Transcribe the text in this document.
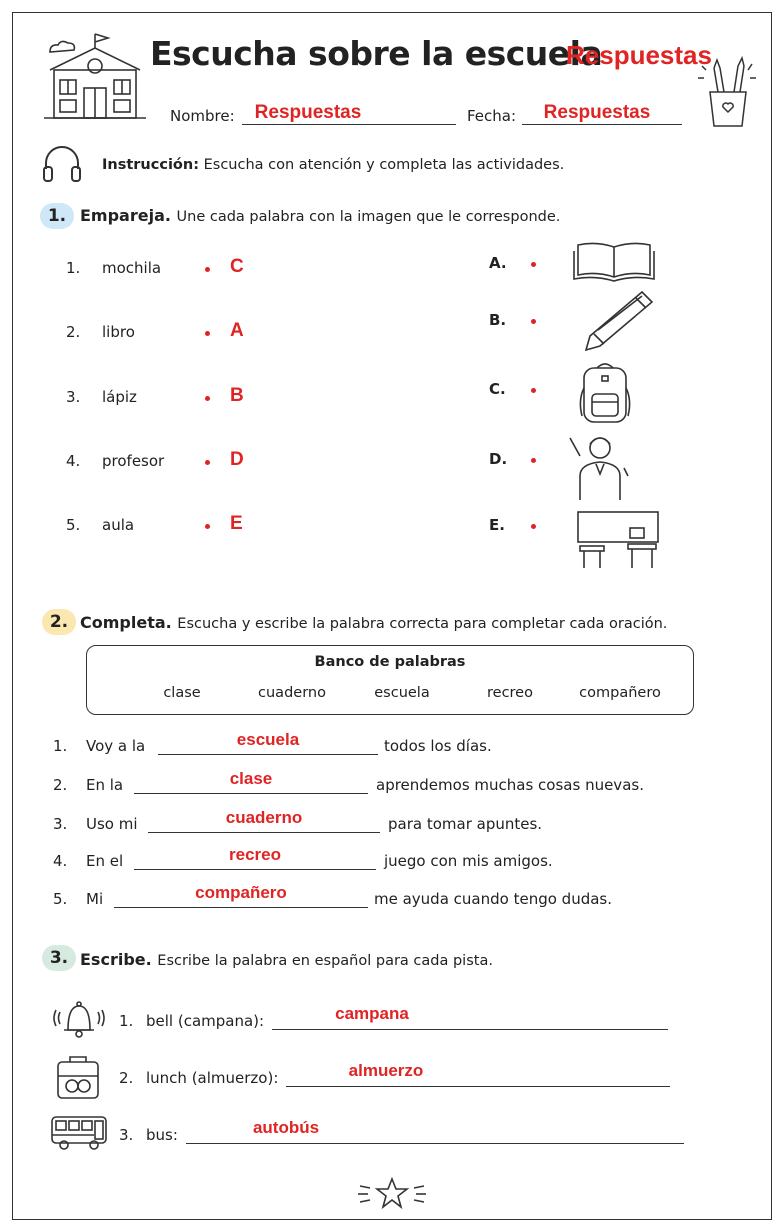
Escucha sobre la escuela
Respuestas
Nombre:	Respuestas	Fecha:	Respuestas
Instrucción: Escucha con atención y completa las actividades.
1. Empareja. Une cada palabra con la imagen que le corresponde.
1. mochila	C
2. libro	A
3. lápiz	B
4. profesor	D
5. aula	E
A.
B.
C.
D.
E.
2. Completa. Escucha y escribe la palabra correcta para completar cada oración.
Banco de palabras
clase	cuaderno	escuela	recreo	compañero
1. Voy a la	escuela	todos los días.
2. En la	clase	aprendemos muchas cosas nuevas.
3. Uso mi	cuaderno	para tomar apuntes.
4. En el	recreo	juego con mis amigos.
5. Mi	compañero	me ayuda cuando tengo dudas.
3. Escribe. Escribe la palabra en español para cada pista.
1. bell (campana):	campana
2. lunch (almuerzo):	almuerzo
3. bus:	autobús
